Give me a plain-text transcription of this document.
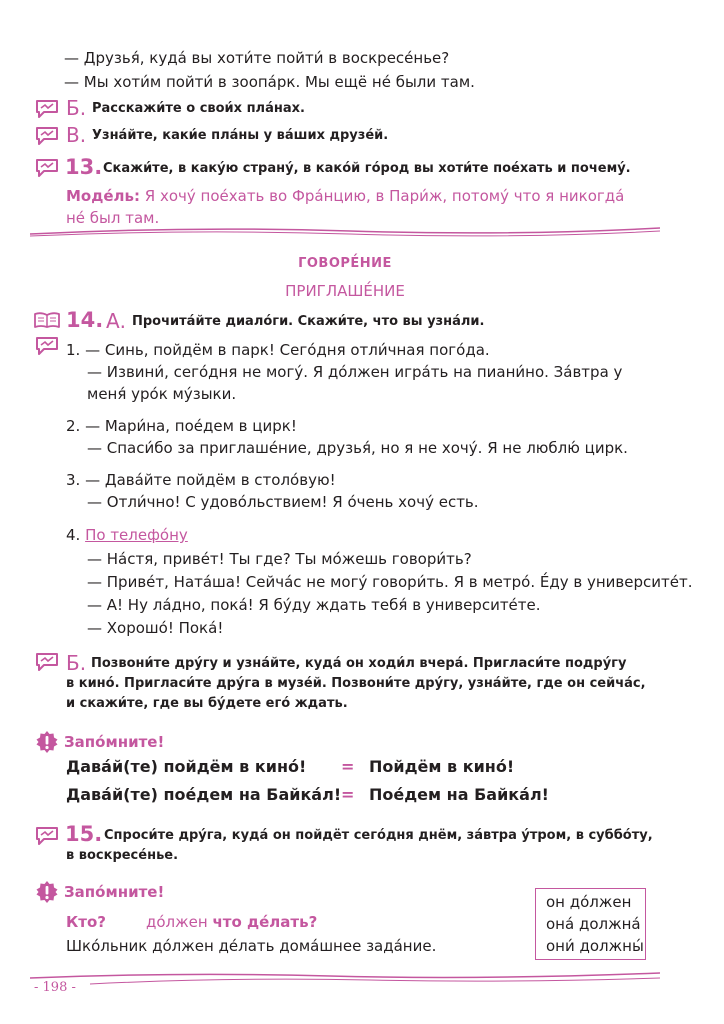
— Друзья́, куда́ вы хоти́те пойти́ в воскресе́нье?
— Мы хоти́м пойти́ в зоопа́рк. Мы ещё не́ были там.
Б. Расскажи́те о свои́х пла́нах.
В. Узна́йте, каки́е пла́ны у ва́ших друзе́й.
13. Скажи́те, в каку́ю страну́, в како́й го́род вы хоти́те пое́хать и почему́.
Моде́ль: Я хочу́ пое́хать во Фра́нцию, в Пари́ж, потому́ что я никогда́
не́ был там.
ГОВОРЕ́НИЕ
ПРИГЛАШЕ́НИЕ
14. А. Прочита́йте диало́ги. Скажи́те, что вы узна́ли.
1. — Синь, пойдём в парк! Сего́дня отли́чная пого́да.
— Извини́, сего́дня не могу́. Я до́лжен игра́ть на пиани́но. За́втра у
меня́ уро́к му́зыки.
2. — Мари́на, пое́дем в цирк!
— Спаси́бо за приглаше́ние, друзья́, но я не хочу́. Я не люблю́ цирк.
3. — Дава́йте пойдём в столо́вую!
— Отли́чно! С удово́льствием! Я о́чень хочу́ есть.
4. По телефо́ну
— На́стя, приве́т! Ты где? Ты мо́жешь говори́ть?
— Приве́т, Ната́ша! Сейча́с не могу́ говори́ть. Я в метро́. Е́ду в университе́т.
— А! Ну ла́дно, пока́! Я бу́ду ждать тебя́ в университе́те.
— Хорошо́! Пока́!
Б. Позвони́те дру́гу и узна́йте, куда́ он ходи́л вчера́. Пригласи́те подру́гу
в кино́. Пригласи́те дру́га в музе́й. Позвони́те дру́гу, узна́йте, где он сейча́с,
и скажи́те, где вы бу́дете его́ ждать.
Запо́мните!
Дава́й(те) пойдём в кино́! = Пойдём в кино́!
Дава́й(те) пое́дем на Байка́л! = Пое́дем на Байка́л!
15. Спроси́те дру́га, куда́ он пойдёт сего́дня днём, за́втра у́тром, в суббо́ту,
в воскресе́нье.
Запо́мните!
Кто?	до́лжен что де́лать?
Шко́льник до́лжен де́лать дома́шнее зада́ние.
он до́лжен
она́ должна́
они́ должны́
- 198 -
